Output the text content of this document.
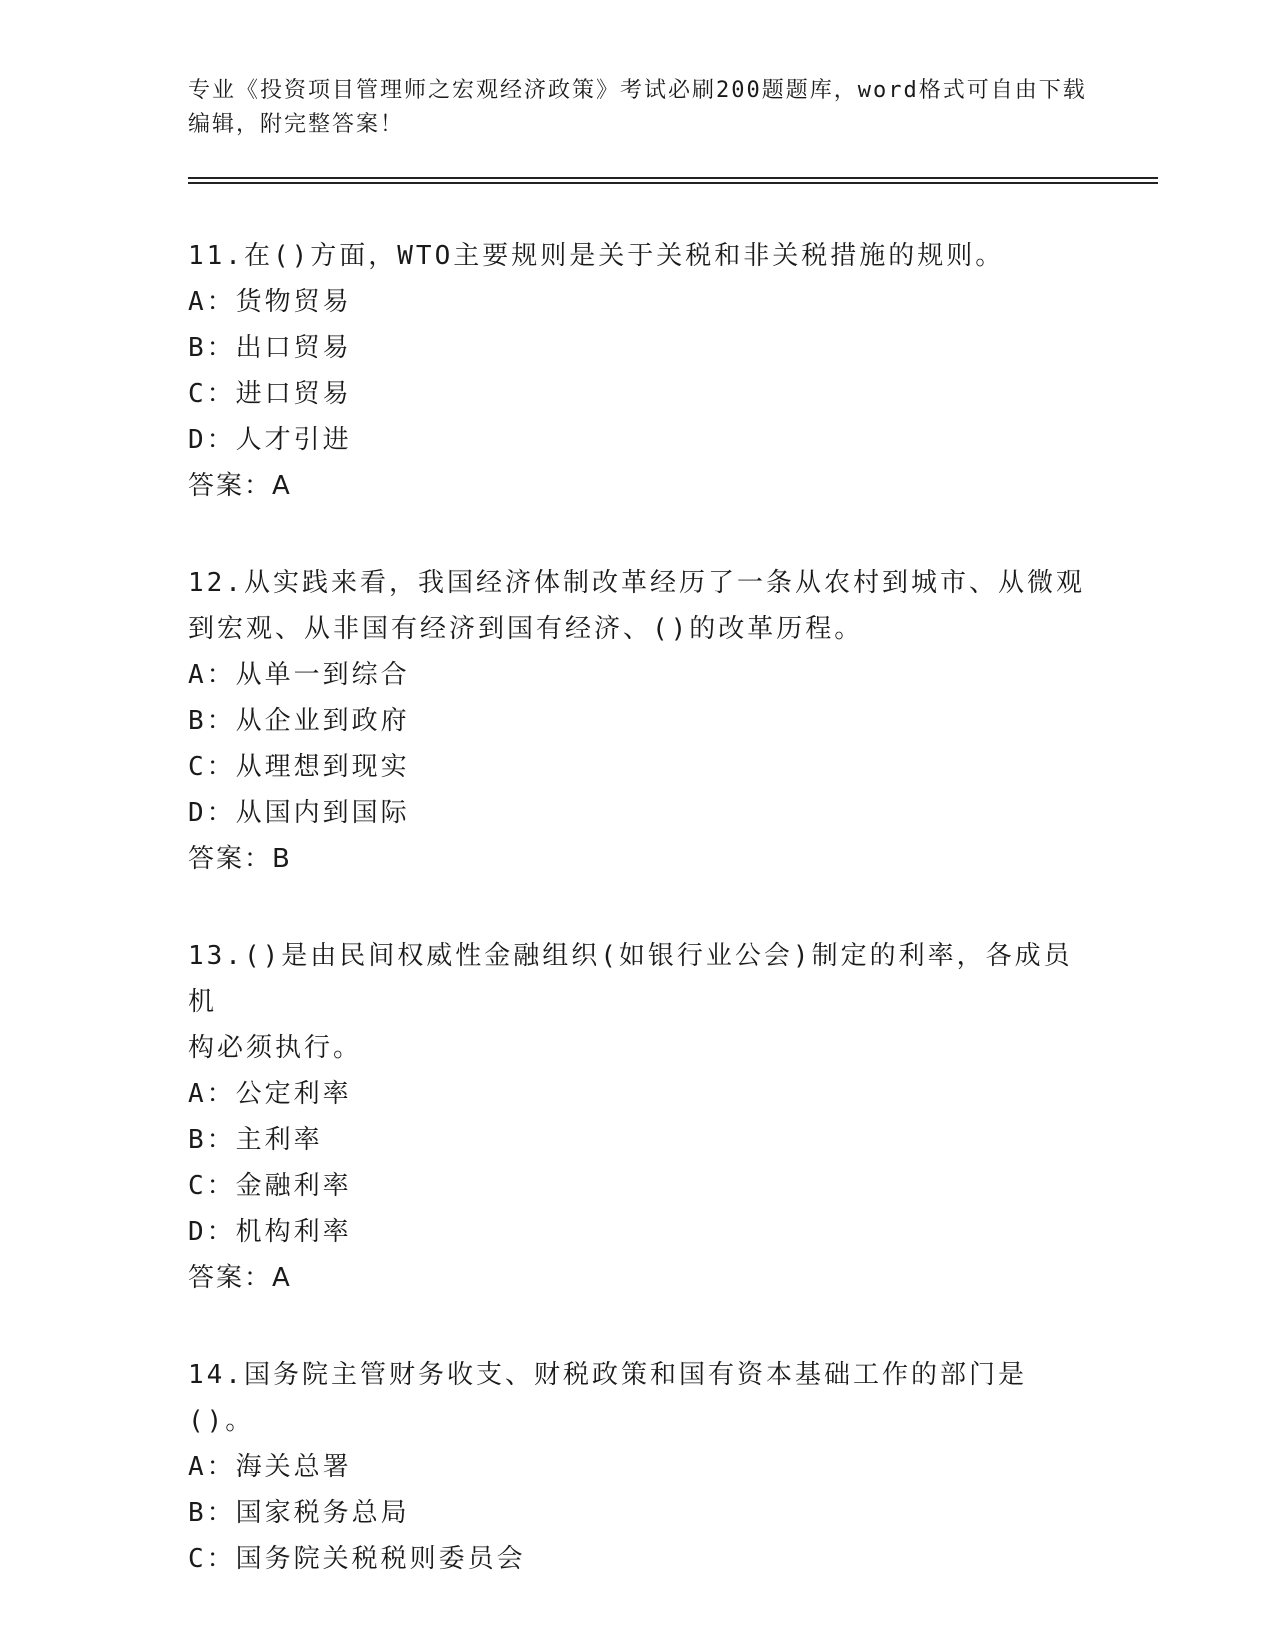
专业《投资项目管理师之宏观经济政策》考试必刷200题题库，word格式可自由下载编辑，附完整答案！
11.在()方面，WTO主要规则是关于关税和非关税措施的规则。
A：货物贸易
B：出口贸易
C：进口贸易
D：人才引进
答案：A
12.从实践来看，我国经济体制改革经历了一条从农村到城市、从微观
到宏观、从非国有经济到国有经济、()的改革历程。
A：从单一到综合
B：从企业到政府
C：从理想到现实
D：从国内到国际
答案：B
13.()是由民间权威性金融组织(如银行业公会)制定的利率，各成员机
构必须执行。
A：公定利率
B：主利率
C：金融利率
D：机构利率
答案：A
14.国务院主管财务收支、财税政策和国有资本基础工作的部门是()。
A：海关总署
B：国家税务总局
C：国务院关税税则委员会
